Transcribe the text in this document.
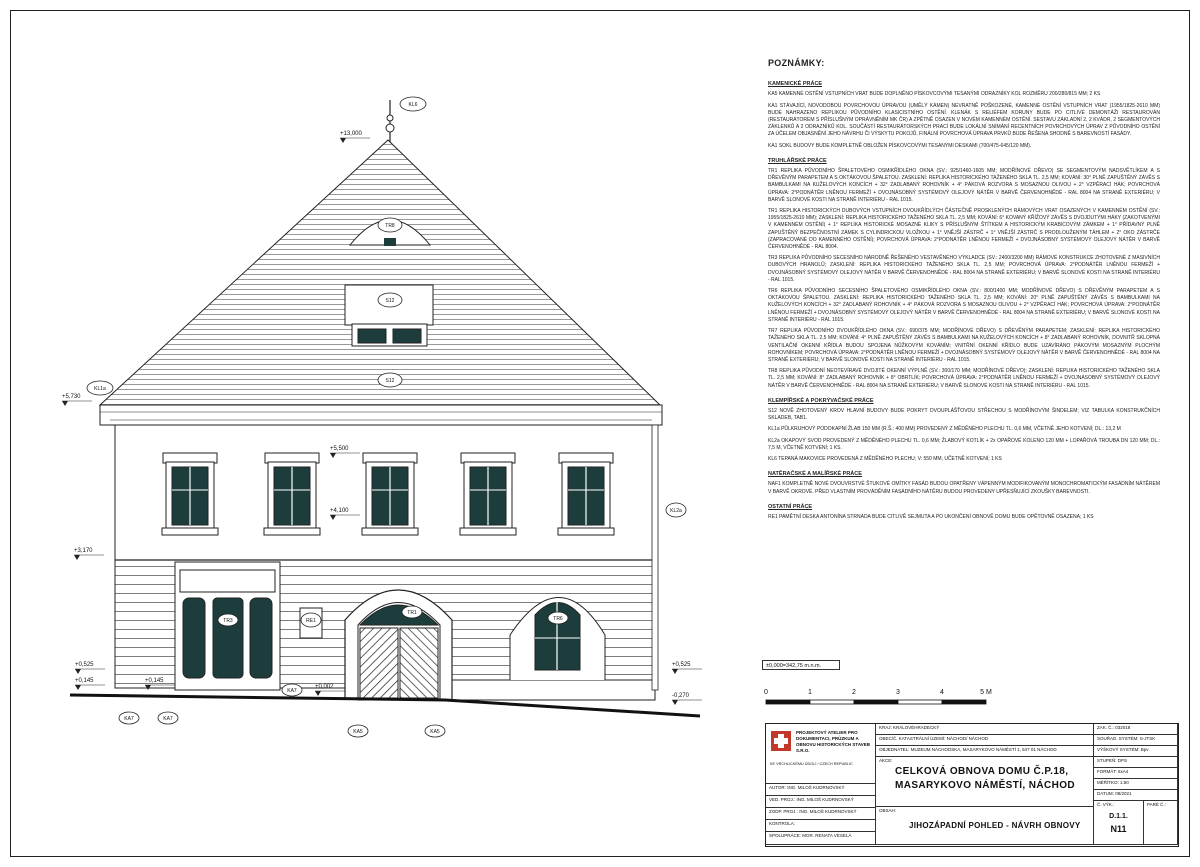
+13,000
+5,730
+5,500
+4,100
+3,170
+0,525	+0,525
+0,145	+0,145
+0,002
-0,270
KL6
KL1a
KL2a
TR8
S12
S12
RE1
TR3
TR1
TR6
KA7	KA7
KA7
KA5	KA5
POZNÁMKY:
KAMENICKÉ PRÁCE

KA5 KAMENNÉ OSTĚNÍ VSTUPNÍCH VRAT BUDE DOPLNĚNO PÍSKOVCOVÝMI TESANÝMI ODRAZNÍKY KOL ROZMĚRU 200/280/815 MM; 2 KS

KA1 STÁVAJÍCÍ, NOVODOBOU POVRCHOVOU ÚPRAVOU (UMĚLÝ KÁMEN) NEVRATNĚ POŠKOZENÉ, KAMENNÉ OSTĚNÍ VSTUPNÍCH VRAT (1955/1825-2610 MM) BUDE NAHRAZENO REPLIKOU PŮVODNÍHO KLASICISTNÍHO OSTĚNÍ. KLENÁK S RELIÉFEM KORUNY BUDE PO CITLIVÉ DEMONTÁŽI RESTAUROVÁN (RESTAURÁTOREM S PŘÍSLUŠNÝM OPRÁVNĚNÍM MK ČR) A ZPĚTNĚ OSAZEN V NOVÉM KAMENNÉM OSTĚNÍ. SESTAVU ZÁKLADNÍ 2, 2 KVÁDR, 2 SEGMENTOVÝCH ZÁKLENKŮ A 2 ODRAZNÍKŮ KOL. SOUČÁSTÍ RESTAURÁTORSKÝCH PRACÍ BUDE LOKÁLNÍ SNÍMÁNÍ RECENTNÍCH POVRCHOVÝCH ÚPRAV Z PŮVODNÍHO OSTĚNÍ ZA ÚČELEM OBJASNĚNÍ JEHO NÁVRHU ČI VÝSKYTU POKOJŮ. FINÁLNÍ POVRCHOVÁ ÚPRAVA PRVKŮ BUDE ŘEŠENA SHODNĚ S BAREVNOSTÍ FASÁDY.

KA1 SOKL BUDOVY BUDE KOMPLETNĚ OBLOŽEN PÍSKOVCOVÝMI TESANÝMI DESKAMI (700/475-645/120 MM).

TRUHLÁŘSKÉ PRÁCE

TR1 REPLIKA PŮVODNÍHO ŠPALETOVÉHO OSMIKŘÍDLÉHO OKNA (SV.: 925/1460-1605 MM; MODŘÍNOVÉ DŘEVO) SE SEGMENTOVÝM NADSVĚTLÍKEM A S DŘEVĚNÝM PARAPETEM A S OKTÁKOVOU ŠPALETOU. ZASKLENÍ: REPLIKA HISTORICKÉHO TAŽENÉHO SKLA TL. 2,5 MM; KOVÁNÍ: 30° PLNĚ ZAPUŠTĚNÝ ZÁVĚS S BAMBULKAMI NA KUŽELOVÝCH KONCÍCH + 32° ZADLABANÝ ROHOVNÍK + 4° PÁKOVÁ ROZVORA S MOSAZNOU OLIVOU + 2° VZPĚRACÍ HÁK; POVRCHOVÁ ÚPRAVA: 2°PODNÁTĚR LNĚNOU FERMEŽÍ + DVOJNÁSOBNÝ SYSTÉMOVÝ OLEJOVÝ NÁTĚR V BARVĚ ČERVENOHNĚDÉ - RAL 8004 NA STRANĚ EXTERIÉRU; V BARVĚ SLONOVÉ KOSTI NA STRANĚ INTERIÉRU - RAL 1015.

TR1 REPLIKA HISTORICKÝCH DUBOVÝCH VSTUPNÍCH DVOUKŘÍDLÝCH ČÁSTEČNĚ PROSKLENÝCH RÁMOVÝCH VRAT OSAZENÝCH V KAMENNÉM OSTĚNÍ (SV.: 1955/1825-2610 MM); ZASKLENÍ: REPLIKA HISTORICKÉHO TAŽENÉHO SKLA TL. 2,5 MM; KOVÁNÍ: 6° KOVANÝ KŘÍŽOVÝ ZÁVĚS S DVOJDUTÝMI HÁKY (ZAKOTVENÝMI V KAMENNÉM OSTĚNÍ) + 1° REPLIKA HISTORICKÉ MOSAZNÉ KLIKY S PŘÍSLUŠNÝM ŠTÍTKEM A HISTORICKÝM KRABICOVÝM ZÁMKEM + 1° PŘÍDAVNÝ PLNĚ ZAPUŠTĚNÝ BEZPEČNOSTNÍ ZÁMEK S CYLINDRICKOU VLOŽKOU + 1° VNĚJŠÍ ZÁSTRČ + 1° VNĚJŠÍ ZÁSTRČ S PRODLOUŽENÝM TÁHLEM + 2° OKO ZÁSTRČE (ZAPRACOVANÉ DO KAMENNÉHO OSTĚNÍ); POVRCHOVÁ ÚPRAVA: 2°PODNÁTĚR LNĚNOU FERMEŽÍ + DVOJNÁSOBNÝ SYSTÉMOVÝ OLEJOVÝ NÁTĚR V BARVĚ ČERVENOHNĚDÉ - RAL 8004.

TR3 REPLIKA PŮVODNÍHO SECESNÍHO NÁRODNĚ ŘEŠENÉHO VESTAVĚNÉHO VÝKLADCE (SV.: 2400/3200 MM) RÁMOVÉ KONSTRUKCE ZHOTOVENÉ Z MASIVNÍCH DUBOVÝCH HRANOLŮ; ZASKLENÍ: REPLIKA HISTORICKÉHO TAŽENÉHO SKLA TL. 2,5 MM; POVRCHOVÁ ÚPRAVA: 2°PODNÁTĚR LNĚNOU FERMEŽÍ + DVOJNÁSOBNÝ SYSTÉMOVÝ OLEJOVÝ NÁTĚR V BARVĚ ČERVENOHNĚDÉ - RAL 8004 NA STRANĚ EXTERIÉRU; V BARVĚ SLONOVÉ KOSTI NA STRANĚ INTERIÉRU - RAL 1015.

TR6 REPLIKA PŮVODNÍHO SECESNÍHO ŠPALETOVÉHO OSMIKŘÍDLÉHO OKNA (SV.: 800/1400 MM; MODŘÍNOVÉ DŘEVO) S DŘEVĚNÝM PARAPETEM A S OKTÁKOVOU ŠPALETOU. ZASKLENÍ: REPLIKA HISTORICKÉHO TAŽENÉHO SKLA TL. 2,5 MM; KOVÁNÍ: 20° PLNĚ ZAPUŠTĚNÝ ZÁVĚS S BAMBULKAMI NA KUŽELOVÝCH KONCÍCH + 32° ZADLABANÝ ROHOVNÍK + 4° PÁKOVÁ ROZVORA S MOSAZNOU OLIVOU + 2° VZPĚRACÍ HÁK; POVRCHOVÁ ÚPRAVA: 2°PODNÁTĚR LNĚNOU FERMEŽÍ + DVOJNÁSOBNÝ SYSTÉMOVÝ OLEJOVÝ NÁTĚR V BARVĚ ČERVENOHNĚDÉ - RAL 8004 NA STRANĚ EXTERIÉRU; V BARVĚ SLONOVÉ KOSTI NA STRANĚ INTERIÉRU - RAL 1015.

TR7 REPLIKA PŮVODNÍHO DVOUKŘÍDLÉHO OKNA (SV.: 690/375 MM; MODŘÍNOVÉ DŘEVO) S DŘEVĚNÝM PARAPETEM; ZASKLENÍ: REPLIKA HISTORICKÉHO TAŽENÉHO SKLA TL. 2,5 MM; KOVÁNÍ: 4° PLNĚ ZAPUŠTĚNÝ ZÁVĚS S BAMBULKAMI NA KUŽELOVÝCH KONCÍCH + 8° ZADLABANÝ ROHOVNÍK, DOVNITŘ SKLOPNÁ VENTILAČNÍ OKENNÍ KŘÍDLA BUDOU SPOJENA NŮŽKOVÝM KOVÁNÍM; VNITŘNÍ OKENNÍ KŘÍDLO BUDE UZAVÍRÁNO PÁKOVÝM MOSAZNÝM PLOCHÝM ROHOVNÍKEM; POVRCHOVÁ ÚPRAVA: 2°PODNÁTĚR LNĚNOU FERMEŽÍ + DVOJNÁSOBNÝ SYSTÉMOVÝ OLEJOVÝ NÁTĚR V BARVĚ ČERVENOHNĚDÉ - RAL 8004 NA STRANĚ EXTERIÉRU; V BARVĚ SLONOVÉ KOSTI NA STRANĚ INTERIÉRU - RAL 1015.

TR8 REPLIKA PŮVODNÍ NEOTEVÍRAVÉ DVOJITÉ OKENNÍ VÝPLNĚ (SV.: 300/170 MM; MODŘÍNOVÉ DŘEVO); ZASKLENÍ: REPLIKA HISTORICKÉHO TAŽENÉHO SKLA TL. 2,5 MM; KOVÁNÍ: 8° ZADLABANÝ ROHOVNÍK + 8° OBRTLÍK; POVRCHOVÁ ÚPRAVA: 2°PODNÁTĚR LNĚNOU FERMEŽÍ + DVOJNÁSOBNÝ SYSTÉMOVÝ OLEJOVÝ NÁTĚR V BARVĚ ČERVENOHNĚDÉ - RAL 8004 NA STRANĚ EXTERIÉRU; V BARVĚ SLONOVÉ KOSTI NA STRANĚ INTERIÉRU - RAL 1015.

KLEMPÍŘSKÉ A POKRÝVAČSKÉ PRÁCE

S12 NOVĚ ZHOTOVENÝ KROV HLAVNÍ BUDOVY BUDE POKRYT DVOUPLÁŠŤOVOU STŘECHOU S MODŘÍNOVÝM ŠINDELEM; VIZ TABULKA KONSTRUKČNÍCH SKLADEB, TAB1.

KL1a PŮLKRUHOVÝ PODOKAPNÍ ŽLAB 150 MM (R.Š.: 400 MM) PROVEDENÝ Z MĚDĚNÉHO PLECHU TL. 0,6 MM, VČETNĚ JEHO KOTVENÍ; DL.: 13,2 M

KL2a OKAPOVÝ SVOD PROVEDENÝ Z MĚDĚNÉHO PLECHU TL. 0,6 MM; ŽLABOVÝ KOTLÍK + 2x OPAŘOVÉ KOLENO 120 MM + LOPAŘOVÁ TROUBA DN 120 MM; DL.: 7,5 M, VČETNĚ KOTVENÍ; 1 KS.

KL6 TEPANÁ MAKOVICE PROVEDENÁ Z MĚDĚNÉHO PLECHU; V: 550 MM, UČETNĚ KOTVENÍ; 1 KS

NATĚRAČSKÉ A MALÍŘSKÉ PRÁCE

NAF1 KOMPLETNĚ NOVÉ DVOUVRSTVÉ ŠTUKOVÉ OMÍTKY FASÁD BUDOU OPATŘENY VÁPENNÝM MODIFIKOVANÝM MONOCHROMATICKÝM FASÁDNÍM NÁTĚREM V BARVĚ OKROVÉ. PŘED VLASTNÍM PROVÁDĚNÍM FASÁDNÍHO NÁTĚRU BUDOU PROVEDENY UPŘESŇUJÍCÍ ZKOUŠKY BAREVNOSTI.

OSTATNÍ PRÁCE

RE1 PAMĚTNÍ DESKA ANTONÍNA STRNADA BUDE CITLIVĚ SEJMUTA A PO UKONČENÍ OBNOVĚ DOMU BUDE OPĚTOVNĚ OSAZENA; 1 KS

±0,000=342,75 m.n.m.
0	1	2	3	4	5 M
PROJEKTOVÝ ATELIER PRO DOKUMENTACI, PRŮZKUM A OBNOVU HISTORICKÝCH STAVEB S.R.O.
KE VRCHLICKÉMU ÚDOLÍ / CZECH REPUBLIC
AUTOR: ING. MILOŠ KUDRNOVSKÝ
VED. PROJ.: ING. MILOŠ KUDRNOVSKÝ
ZODP. PROJ.: ING. MILOŠ KUDRNOVSKÝ
KONTROLA:
SPOLUPRÁCE: MGR. RENATA VESELÁ
KRAJ: KRÁLOVÉHRADECKÝ
OBEC/Č. KATASTRÁLNÍ ÚZEMÍ: NÁCHOD/ NÁCHOD
OBJEDNATEL: MUZEUM NÁCHODSKA, MASARYKOVO NÁMĚSTÍ 1, 547 01 NÁCHOD
AKCE:
CELKOVÁ OBNOVA DOMU Č.P.18, MASARYKOVO NÁMĚSTÍ, NÁCHOD
OBSAH:
JIHOZÁPADNÍ POHLED - NÁVRH OBNOVY
ZAK. Č.: 032018
SOUŘAD. SYSTÉM: S-JTSK
VÝŠKOVÝ SYSTÉM: Bpv
STUPEŇ: DPS
FORMÁT: 6xA4
MĚŘÍTKO: 1:50
DATUM: 08/2021
Č. VÝK.:
D.1.1.
N11
PARÉ Č.:
